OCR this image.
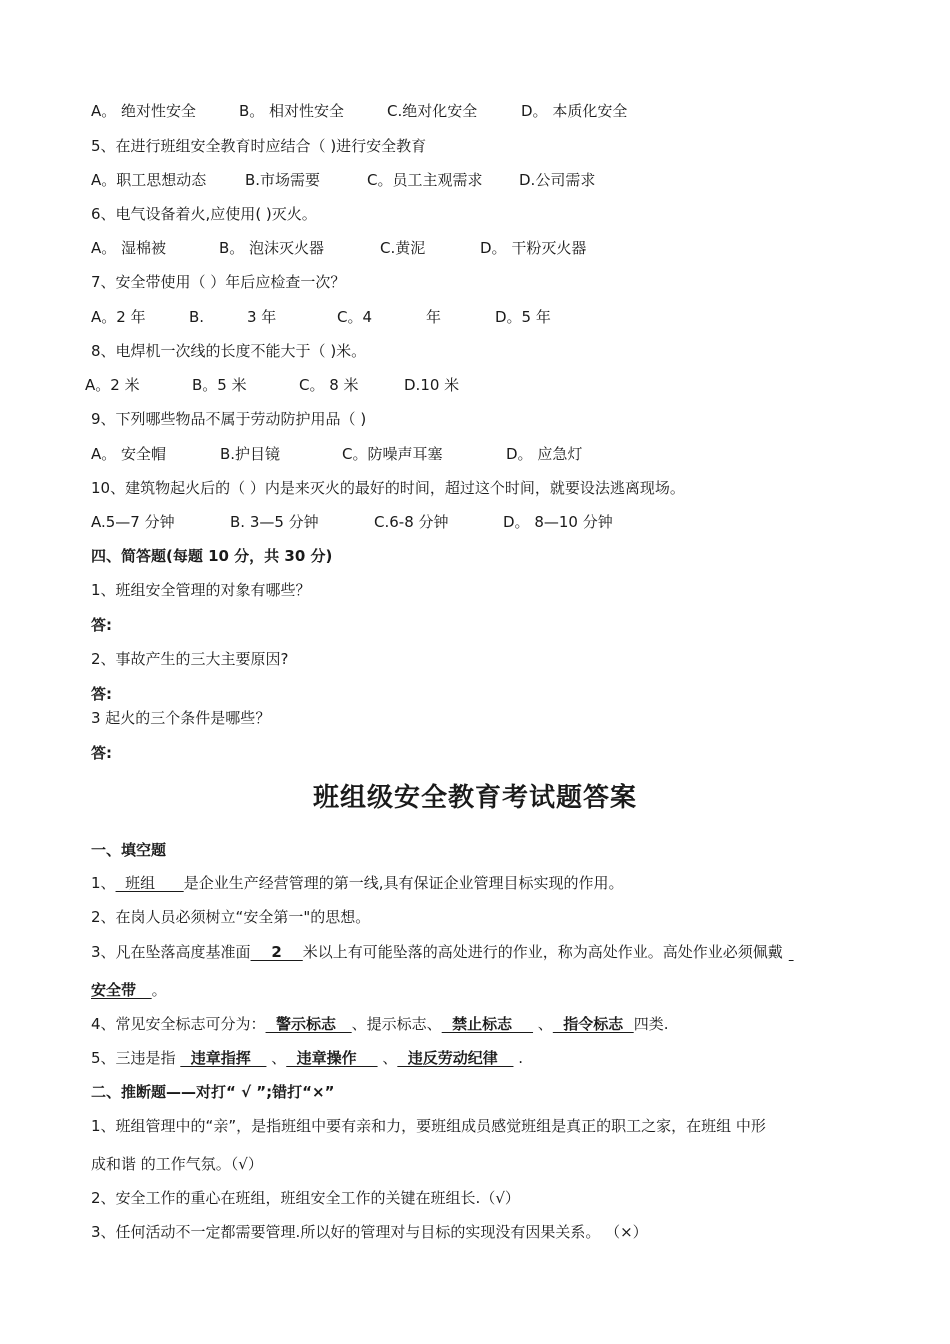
A。 绝对性安全	B。 相对性安全	C.绝对化安全	D。 本质化安全
5、在进行班组安全教育时应结合（ )进行安全教育
A。职工思想动态	B.市场需要	C。员工主观需求 D.公司需求
6、电气设备着火,应使用( )灭火。
A。 湿棉被	B。 泡沫灭火器	C.黄泥	D。 干粉灭火器
7、安全带使用（ ）年后应检查一次？
A。2 年	B.	3 年	C。4	年	D。5 年
8、电焊机一次线的长度不能大于（ )米。
A。2 米	B。5 米	C。 8 米	D.10 米
9、下列哪些物品不属于劳动防护用品（ )
A。 安全帽	B.护目镜	C。防噪声耳塞	D。 应急灯
10、建筑物起火后的（ ）内是来灭火的最好的时间，超过这个时间，就要设法逃离现场。
A.5—7 分钟	B. 3—5 分钟	C.6-8 分钟	D。 8—10 分钟
四、简答题(每题 10 分，共 30 分)
1、班组安全管理的对象有哪些？
答:
2、事故产生的三大主要原因?
答:
3 起火的三个条件是哪些？
答:
班组级安全教育考试题答案
一、填空题
1、  班组      是企业生产经营管理的第一线,具有保证企业管理目标实现的作用。
2、在岗人员必须树立“安全第一"的思想。
3、凡在坠落高度基准面    2    米以上有可能坠落的高处进行的作业，称为高处作业。高处作业必须佩戴
安全带   。
4、常见安全标志可分为：  警示标志   、提示标志、  禁止标志     、  指令标志  四类.
5、三违是指   违章指挥    、  违章操作     、  违反劳动纪律    .
二、推断题——对打“ √ ”;错打“×”
1、班组管理中的“亲”，是指班组中要有亲和力，要班组成员感觉班组是真正的职工之家，在班组 中形
成和谐 的工作气氛。（√）
2、安全工作的重心在班组，班组安全工作的关键在班组长.（√）
3、任何活动不一定都需要管理.所以好的管理对与目标的实现没有因果关系。 （×）
